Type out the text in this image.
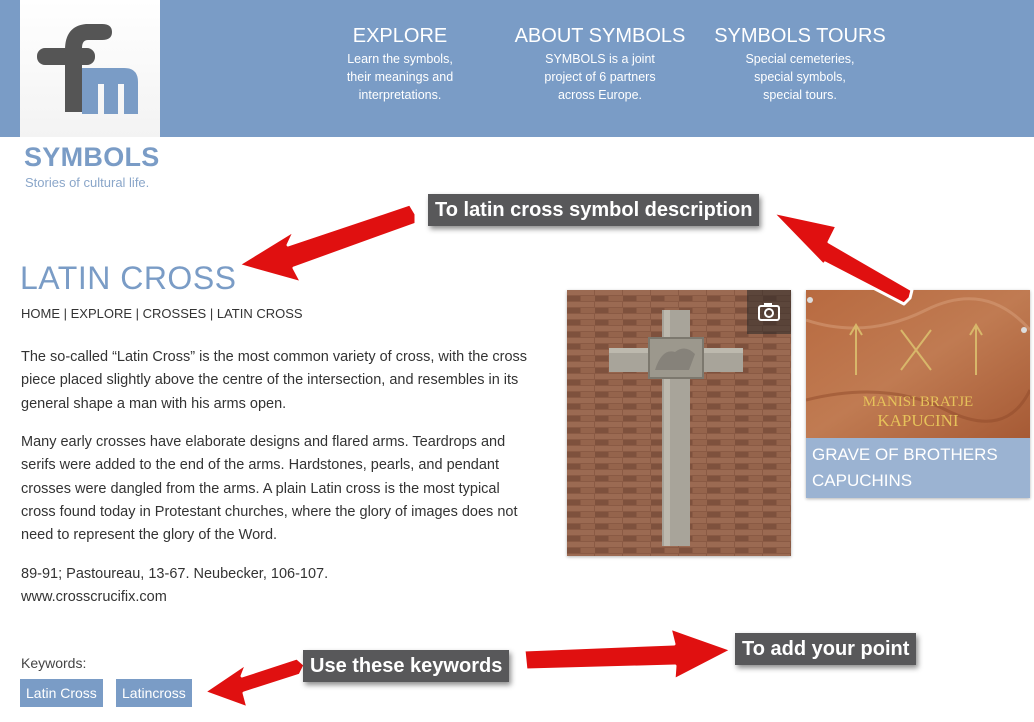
SYMBOLS
Stories of cultural life.
EXPLORE
Learn the symbols,
their meanings and
interpretations.
ABOUT SYMBOLS
SYMBOLS is a joint
project of 6 partners
across Europe.
SYMBOLS TOURS
Special cemeteries,
special symbols,
special tours.
LATIN CROSS
HOME | EXPLORE | CROSSES | LATIN CROSS
The so-called “Latin Cross” is the most common variety of cross, with the cross piece placed slightly above the centre of the intersection, and resembles in its general shape a man with his arms open.
Many early crosses have elaborate designs and flared arms. Teardrops and serifs were added to the end of the arms. Hardstones, pearls, and pendant crosses were dangled from the arms. A plain Latin cross is the most typical cross found today in Protestant churches, where the glory of images does not need to represent the glory of the Word.
89-91; Pastoureau, 13-67. Neubecker, 106-107.
www.crosscrucifix.com
Keywords:
Latin Cross	Latincross
MANISI BRATJE
KAPUCINI
GRAVE OF BROTHERS
CAPUCHINS
To latin cross symbol description
Use these keywords
To add your point
